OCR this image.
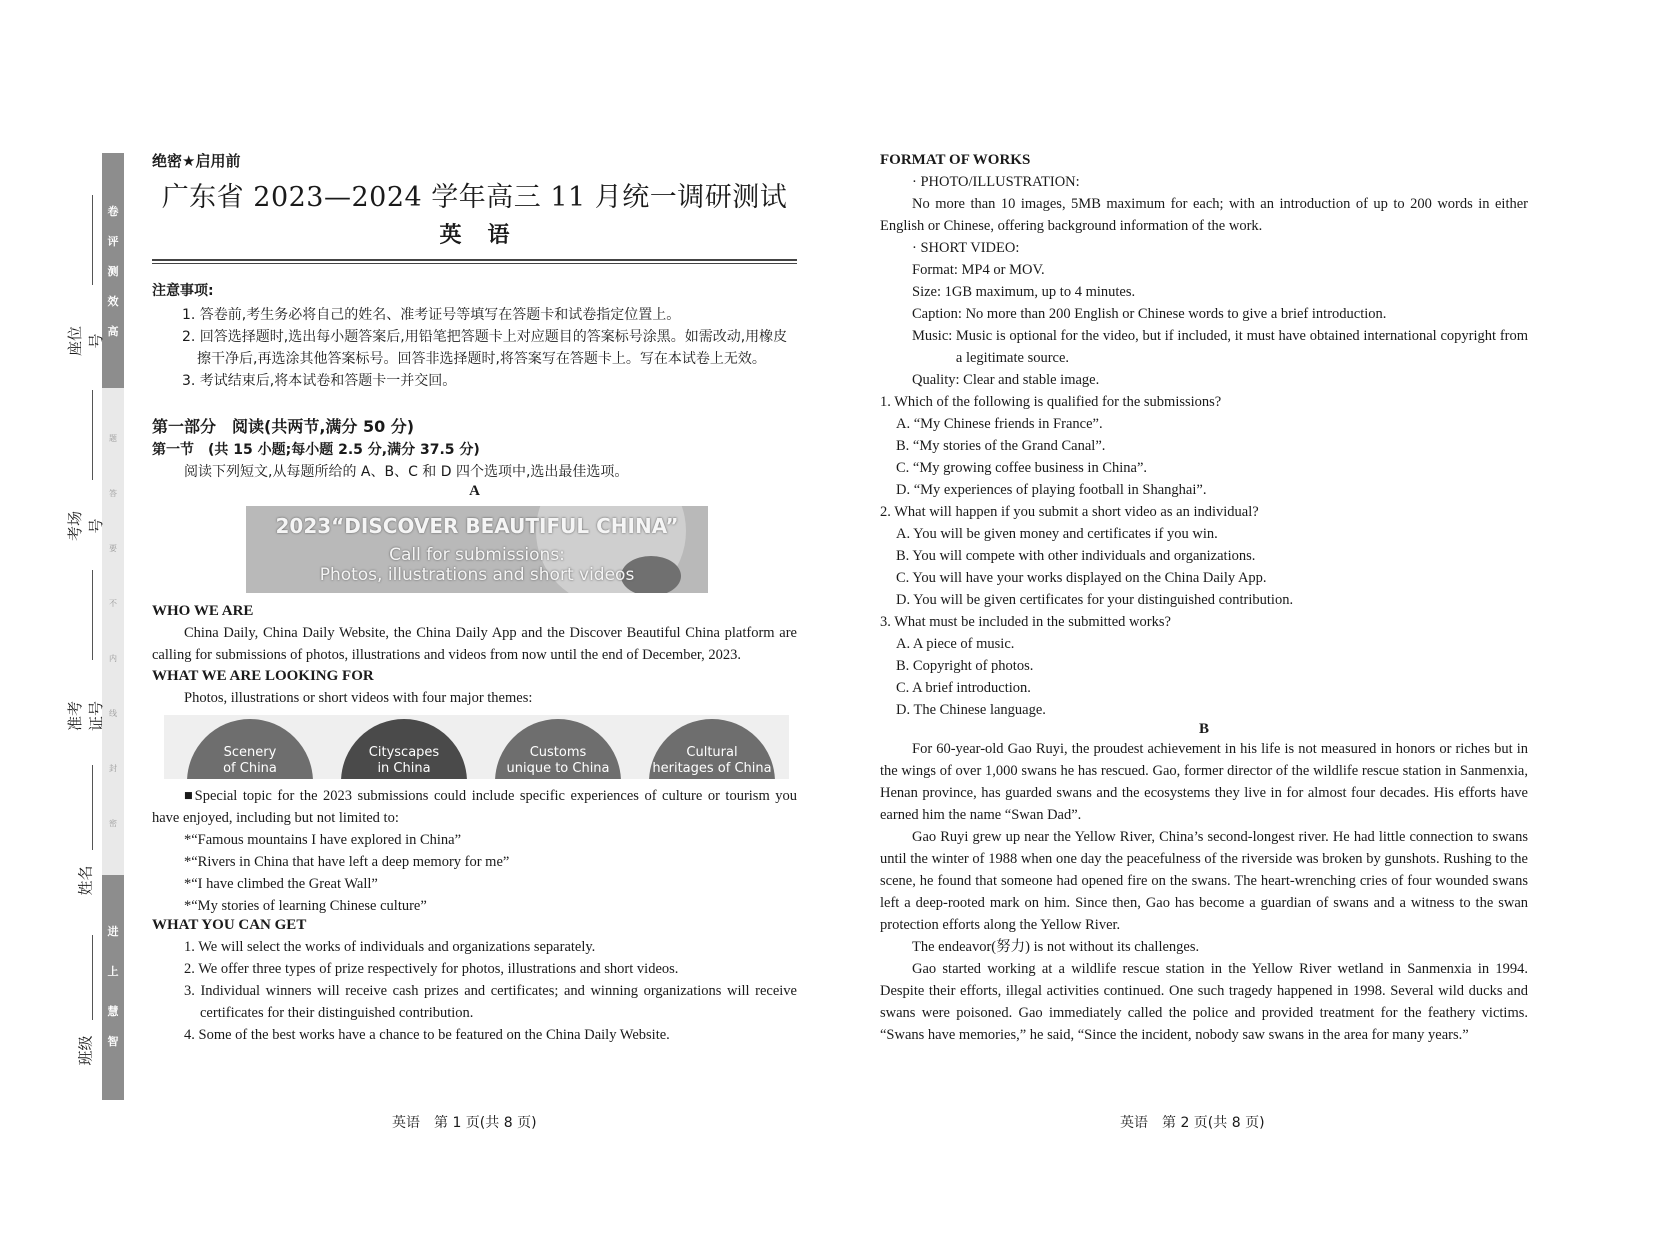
卷
评
测
效
高
题
答
要
不
内
线
封
密
进
上
慧
智
座位号
考场号
准考证号
姓名
班级
绝密★启用前
广东省 2023—2024 学年高三 11 月统一调研测试
英语
注意事项:

1. 答卷前,考生务必将自己的姓名、准考证号等填写在答题卡和试卷指定位置上。

2. 回答选择题时,选出每小题答案后,用铅笔把答题卡上对应题目的答案标号涂黑。如需改动,用橡皮擦干净后,再选涂其他答案标号。回答非选择题时,将答案写在答题卡上。写在本试卷上无效。

3. 考试结束后,将本试卷和答题卡一并交回。

第一部分　阅读(共两节,满分 50 分)
第一节　(共 15 小题;每小题 2.5 分,满分 37.5 分)
阅读下列短文,从每题所给的 A、B、C 和 D 四个选项中,选出最佳选项。
A
2023“DISCOVER BEAUTIFUL CHINA”
Call for submissions:
Photos, illustrations and short videos
WHO WE ARE

China Daily, China Daily Website, the China Daily App and the Discover Beautiful China platform are calling for submissions of photos, illustrations and videos from now until the end of December, 2023.

WHAT WE ARE LOOKING FOR

Photos, illustrations or short videos with four major themes:

Scenery
of China
Cityscapes
in China
Customs
unique to China
Cultural
heritages of China

■Special topic for the 2023 submissions could include specific experiences of culture or tourism you have enjoyed, including but not limited to:

*“Famous mountains I have explored in China”

*“Rivers in China that have left a deep memory for me”

*“I have climbed the Great Wall”

*“My stories of learning Chinese culture”

WHAT YOU CAN GET

1. We will select the works of individuals and organizations separately.

2. We offer three types of prize respectively for photos, illustrations and short videos.

3. Individual winners will receive cash prizes and certificates; and winning organizations will receive certificates for their distinguished contribution.

4. Some of the best works have a chance to be featured on the China Daily Website.

英语　第 1 页(共 8 页)
FORMAT OF WORKS

· PHOTO/ILLUSTRATION:

No more than 10 images, 5MB maximum for each; with an introduction of up to 200 words in either English or Chinese, offering background information of the work.

· SHORT VIDEO:

Format: MP4 or MOV.

Size: 1GB maximum, up to 4 minutes.

Caption: No more than 200 English or Chinese words to give a brief introduction.

Music: Music is optional for the video, but if included, it must have obtained international copyright from a legitimate source.

Quality: Clear and stable image.

1. Which of the following is qualified for the submissions?

A. “My Chinese friends in France”.

B. “My stories of the Grand Canal”.

C. “My growing coffee business in China”.

D. “My experiences of playing football in Shanghai”.

2. What will happen if you submit a short video as an individual?

A. You will be given money and certificates if you win.

B. You will compete with other individuals and organizations.

C. You will have your works displayed on the China Daily App.

D. You will be given certificates for your distinguished contribution.

3. What must be included in the submitted works?

A. A piece of music.

B. Copyright of photos.

C. A brief introduction.

D. The Chinese language.

B

For 60-year-old Gao Ruyi, the proudest achievement in his life is not measured in honors or riches but in the wings of over 1,000 swans he has rescued. Gao, former director of the wildlife rescue station in Sanmenxia, Henan province, has guarded swans and the ecosystems they live in for almost four decades. His efforts have earned him the name “Swan Dad”.

Gao Ruyi grew up near the Yellow River, China’s second-longest river. He had little connection to swans until the winter of 1988 when one day the peacefulness of the riverside was broken by gunshots. Rushing to the scene, he found that someone had opened fire on the swans. The heart-wrenching cries of four wounded swans left a deep-rooted mark on him. Since then, Gao has become a guardian of swans and a witness to the swan protection efforts along the Yellow River.

The endeavor(努力) is not without its challenges.

Gao started working at a wildlife rescue station in the Yellow River wetland in Sanmenxia in 1994. Despite their efforts, illegal activities continued. One such tragedy happened in 1998. Several wild ducks and swans were poisoned. Gao immediately called the police and provided treatment for the feathery victims. “Swans have memories,” he said, “Since the incident, nobody saw swans in the area for many years.”

英语　第 2 页(共 8 页)
